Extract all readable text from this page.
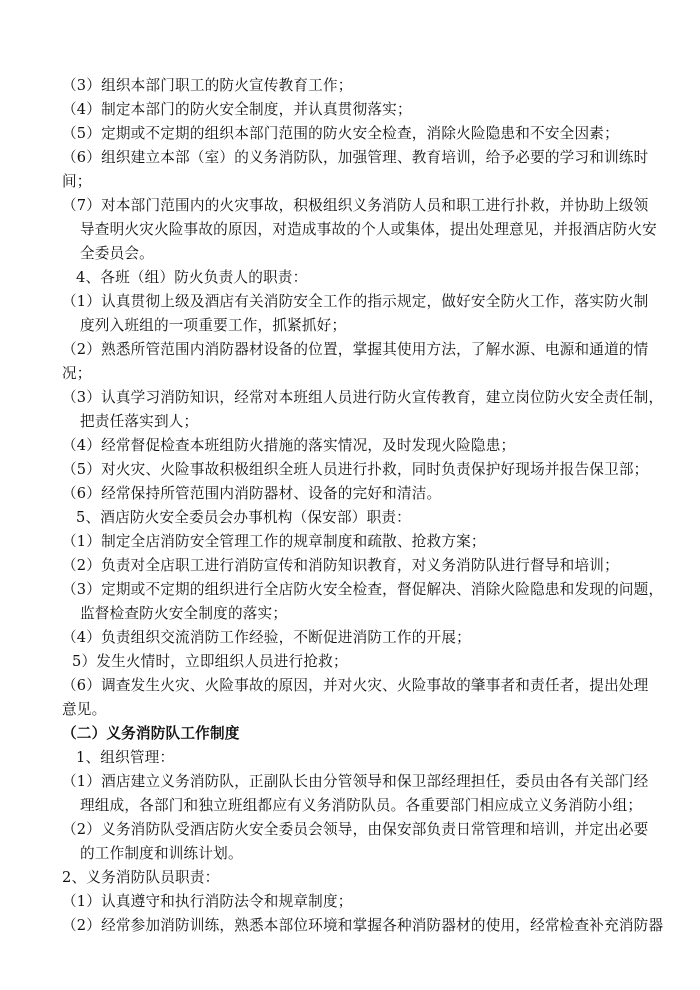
（3）组织本部门职工的防火宣传教育工作；
（4）制定本部门的防火安全制度，并认真贯彻落实；
（5）定期或不定期的组织本部门范围的防火安全检查，消除火险隐患和不安全因素；
（6）组织建立本部（室）的义务消防队，加强管理、教育培训，给予必要的学习和训练时
间；
（7）对本部门范围内的火灾事故，积极组织义务消防人员和职工进行扑救，并协助上级领
导查明火灾火险事故的原因，对造成事故的个人或集体，提出处理意见，并报酒店防火安
全委员会。
4、各班（组）防火负责人的职责：
（1）认真贯彻上级及酒店有关消防安全工作的指示规定，做好安全防火工作，落实防火制
度列入班组的一项重要工作，抓紧抓好；
（2）熟悉所管范围内消防器材设备的位置，掌握其使用方法，了解水源、电源和通道的情
况；
（3）认真学习消防知识，经常对本班组人员进行防火宣传教育，建立岗位防火安全责任制，
把责任落实到人；
（4）经常督促检查本班组防火措施的落实情况，及时发现火险隐患；
（5）对火灾、火险事故积极组织全班人员进行扑救，同时负责保护好现场并报告保卫部；
（6）经常保持所管范围内消防器材、设备的完好和清洁。
5、酒店防火安全委员会办事机构（保安部）职责：
（1）制定全店消防安全管理工作的规章制度和疏散、抢救方案；
（2）负责对全店职工进行消防宣传和消防知识教育，对义务消防队进行督导和培训；
（3）定期或不定期的组织进行全店防火安全检查，督促解决、消除火险隐患和发现的问题，
监督检查防火安全制度的落实；
（4）负责组织交流消防工作经验，不断促进消防工作的开展；
5）发生火情时，立即组织人员进行抢救；
（6）调查发生火灾、火险事故的原因，并对火灾、火险事故的肇事者和责任者，提出处理
意见。
（二）义务消防队工作制度
1、组织管理：
（1）酒店建立义务消防队，正副队长由分管领导和保卫部经理担任，委员由各有关部门经
理组成，各部门和独立班组都应有义务消防队员。各重要部门相应成立义务消防小组；
（2）义务消防队受酒店防火安全委员会领导，由保安部负责日常管理和培训，并定出必要
的工作制度和训练计划。
2、义务消防队员职责：
（1）认真遵守和执行消防法令和规章制度；
（2）经常参加消防训练，熟悉本部位环境和掌握各种消防器材的使用，经常检查补充消防器
